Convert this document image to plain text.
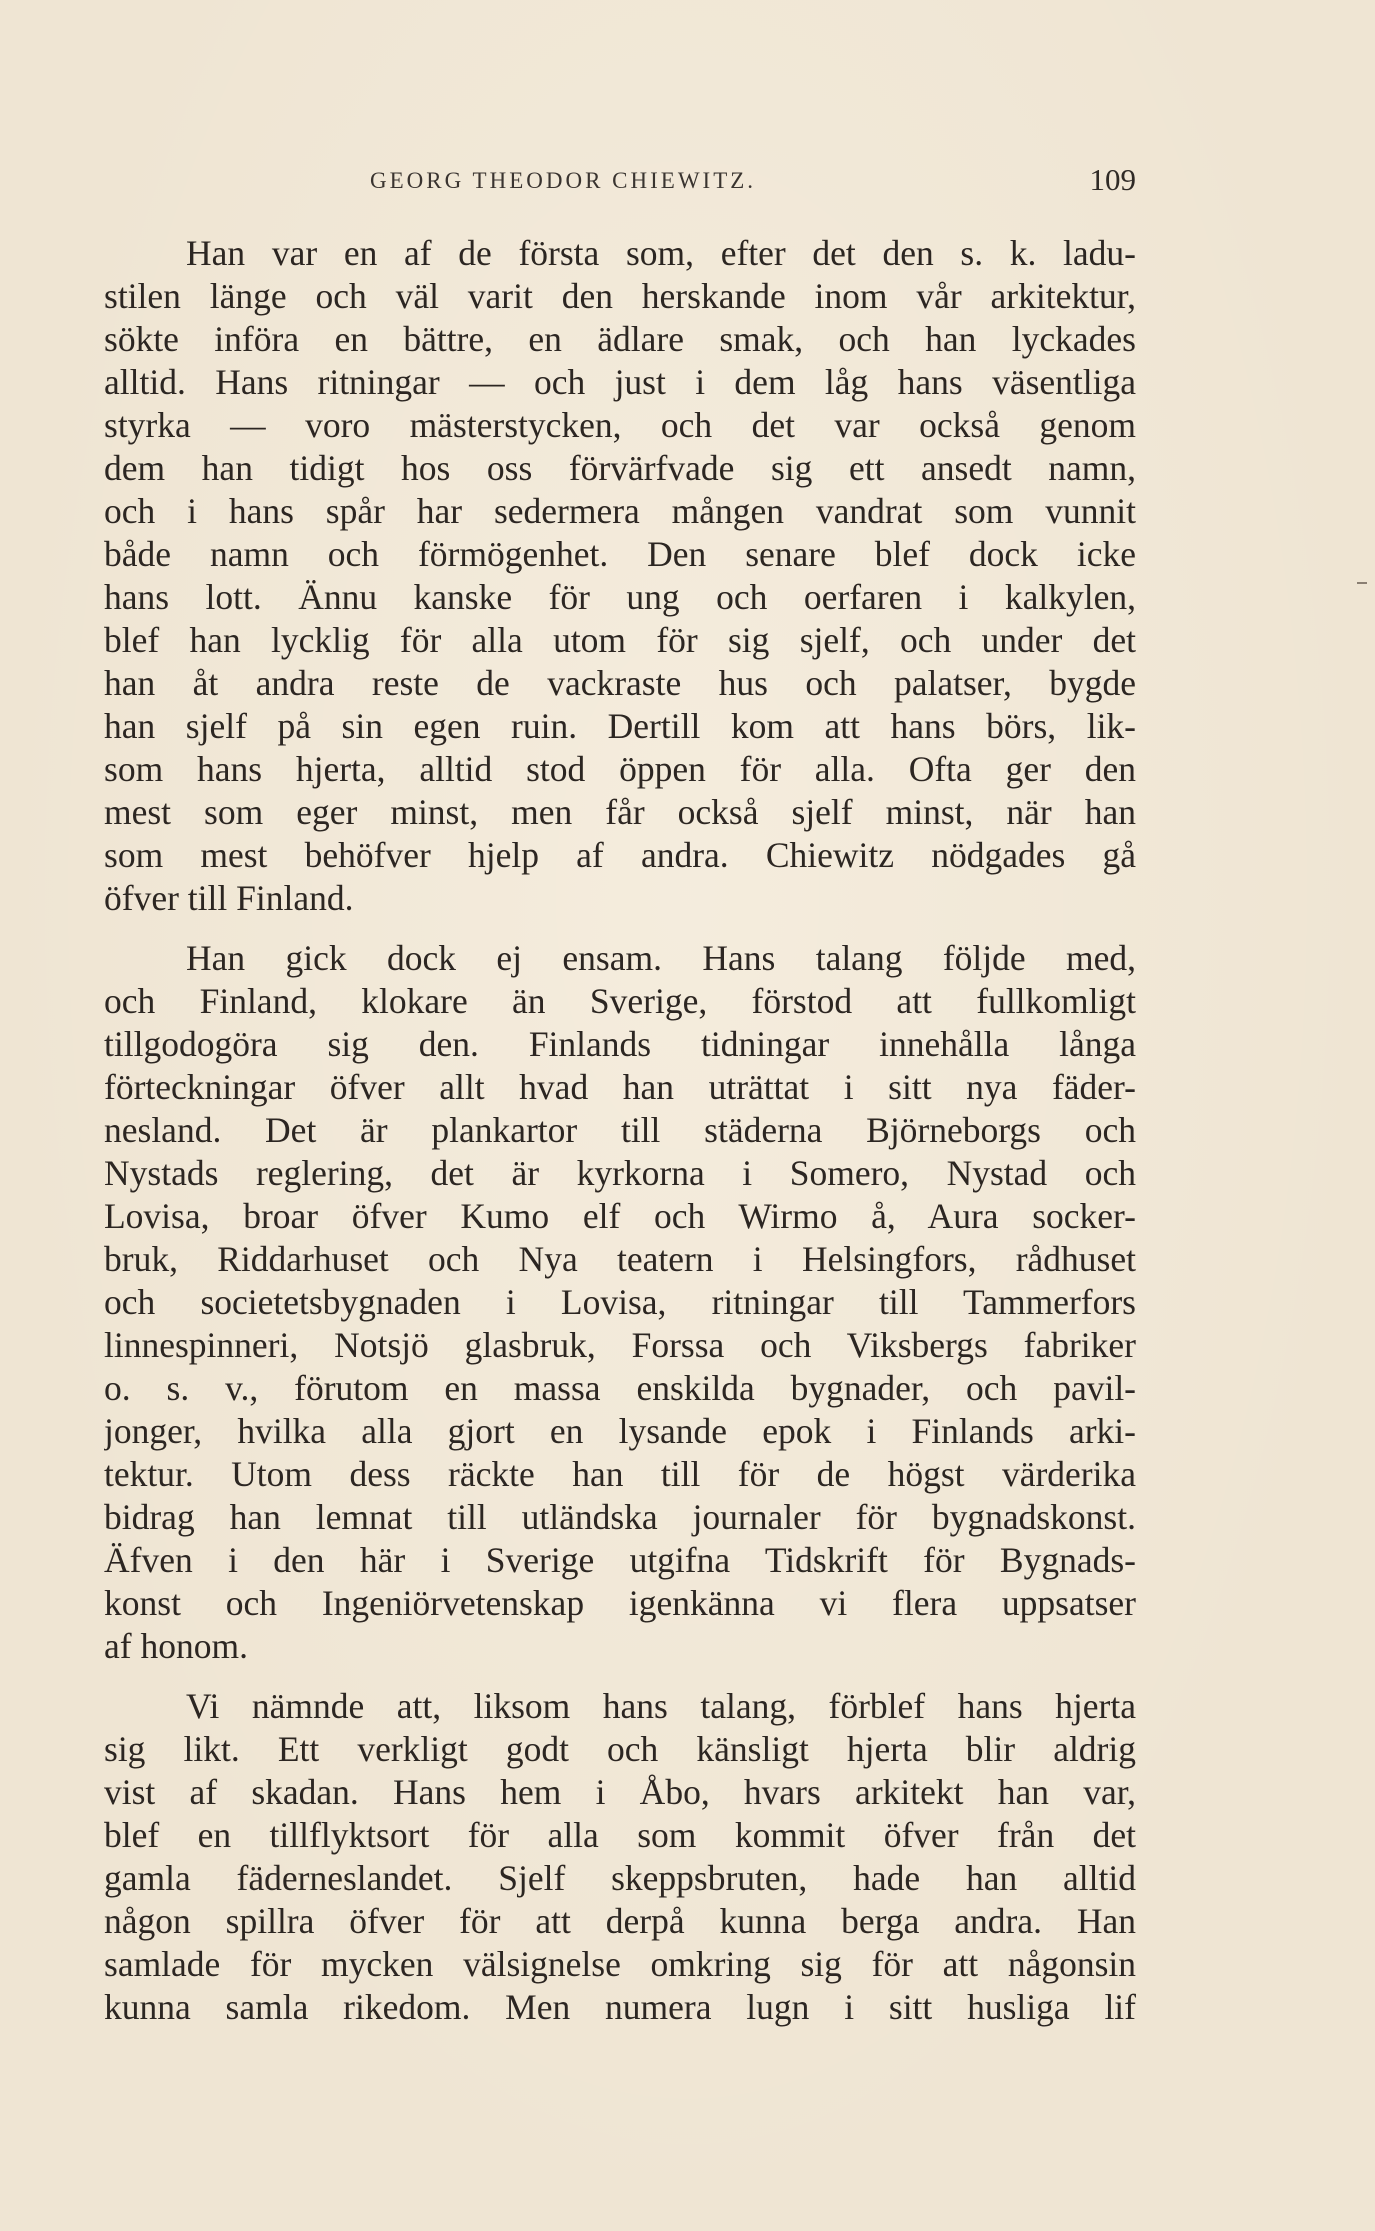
GEORG THEODOR CHIEWITZ.	109
Han var en af de första som, efter det den s. k. ladu-
stilen länge och väl varit den herskande inom vår arkitektur,
sökte införa en bättre, en ädlare smak, och han lyckades
alltid. Hans ritningar — och just i dem låg hans väsentliga
styrka — voro mästerstycken, och det var också genom
dem han tidigt hos oss förvärfvade sig ett ansedt namn,
och i hans spår har sedermera mången vandrat som vunnit
både namn och förmögenhet. Den senare blef dock icke
hans lott. Ännu kanske för ung och oerfaren i kalkylen,
blef han lycklig för alla utom för sig sjelf, och under det
han åt andra reste de vackraste hus och palatser, bygde
han sjelf på sin egen ruin. Dertill kom att hans börs, lik-
som hans hjerta, alltid stod öppen för alla. Ofta ger den
mest som eger minst, men får också sjelf minst, när han
som mest behöfver hjelp af andra. Chiewitz nödgades gå
öfver till Finland.
Han gick dock ej ensam. Hans talang följde med,
och Finland, klokare än Sverige, förstod att fullkomligt
tillgodogöra sig den. Finlands tidningar innehålla långa
förteckningar öfver allt hvad han uträttat i sitt nya fäder-
nesland. Det är plankartor till städerna Björneborgs och
Nystads reglering, det är kyrkorna i Somero, Nystad och
Lovisa, broar öfver Kumo elf och Wirmo å, Aura socker-
bruk, Riddarhuset och Nya teatern i Helsingfors, rådhuset
och societetsbygnaden i Lovisa, ritningar till Tammerfors
linnespinneri, Notsjö glasbruk, Forssa och Viksbergs fabriker
o. s. v., förutom en massa enskilda bygnader, och pavil-
jonger, hvilka alla gjort en lysande epok i Finlands arki-
tektur. Utom dess räckte han till för de högst värderika
bidrag han lemnat till utländska journaler för bygnadskonst.
Äfven i den här i Sverige utgifna Tidskrift för Bygnads-
konst och Ingeniörvetenskap igenkänna vi flera uppsatser
af honom.
Vi nämnde att, liksom hans talang, förblef hans hjerta
sig likt. Ett verkligt godt och känsligt hjerta blir aldrig
vist af skadan. Hans hem i Åbo, hvars arkitekt han var,
blef en tillflyktsort för alla som kommit öfver från det
gamla fäderneslandet. Sjelf skeppsbruten, hade han alltid
någon spillra öfver för att derpå kunna berga andra. Han
samlade för mycken välsignelse omkring sig för att någonsin
kunna samla rikedom. Men numera lugn i sitt husliga lif
